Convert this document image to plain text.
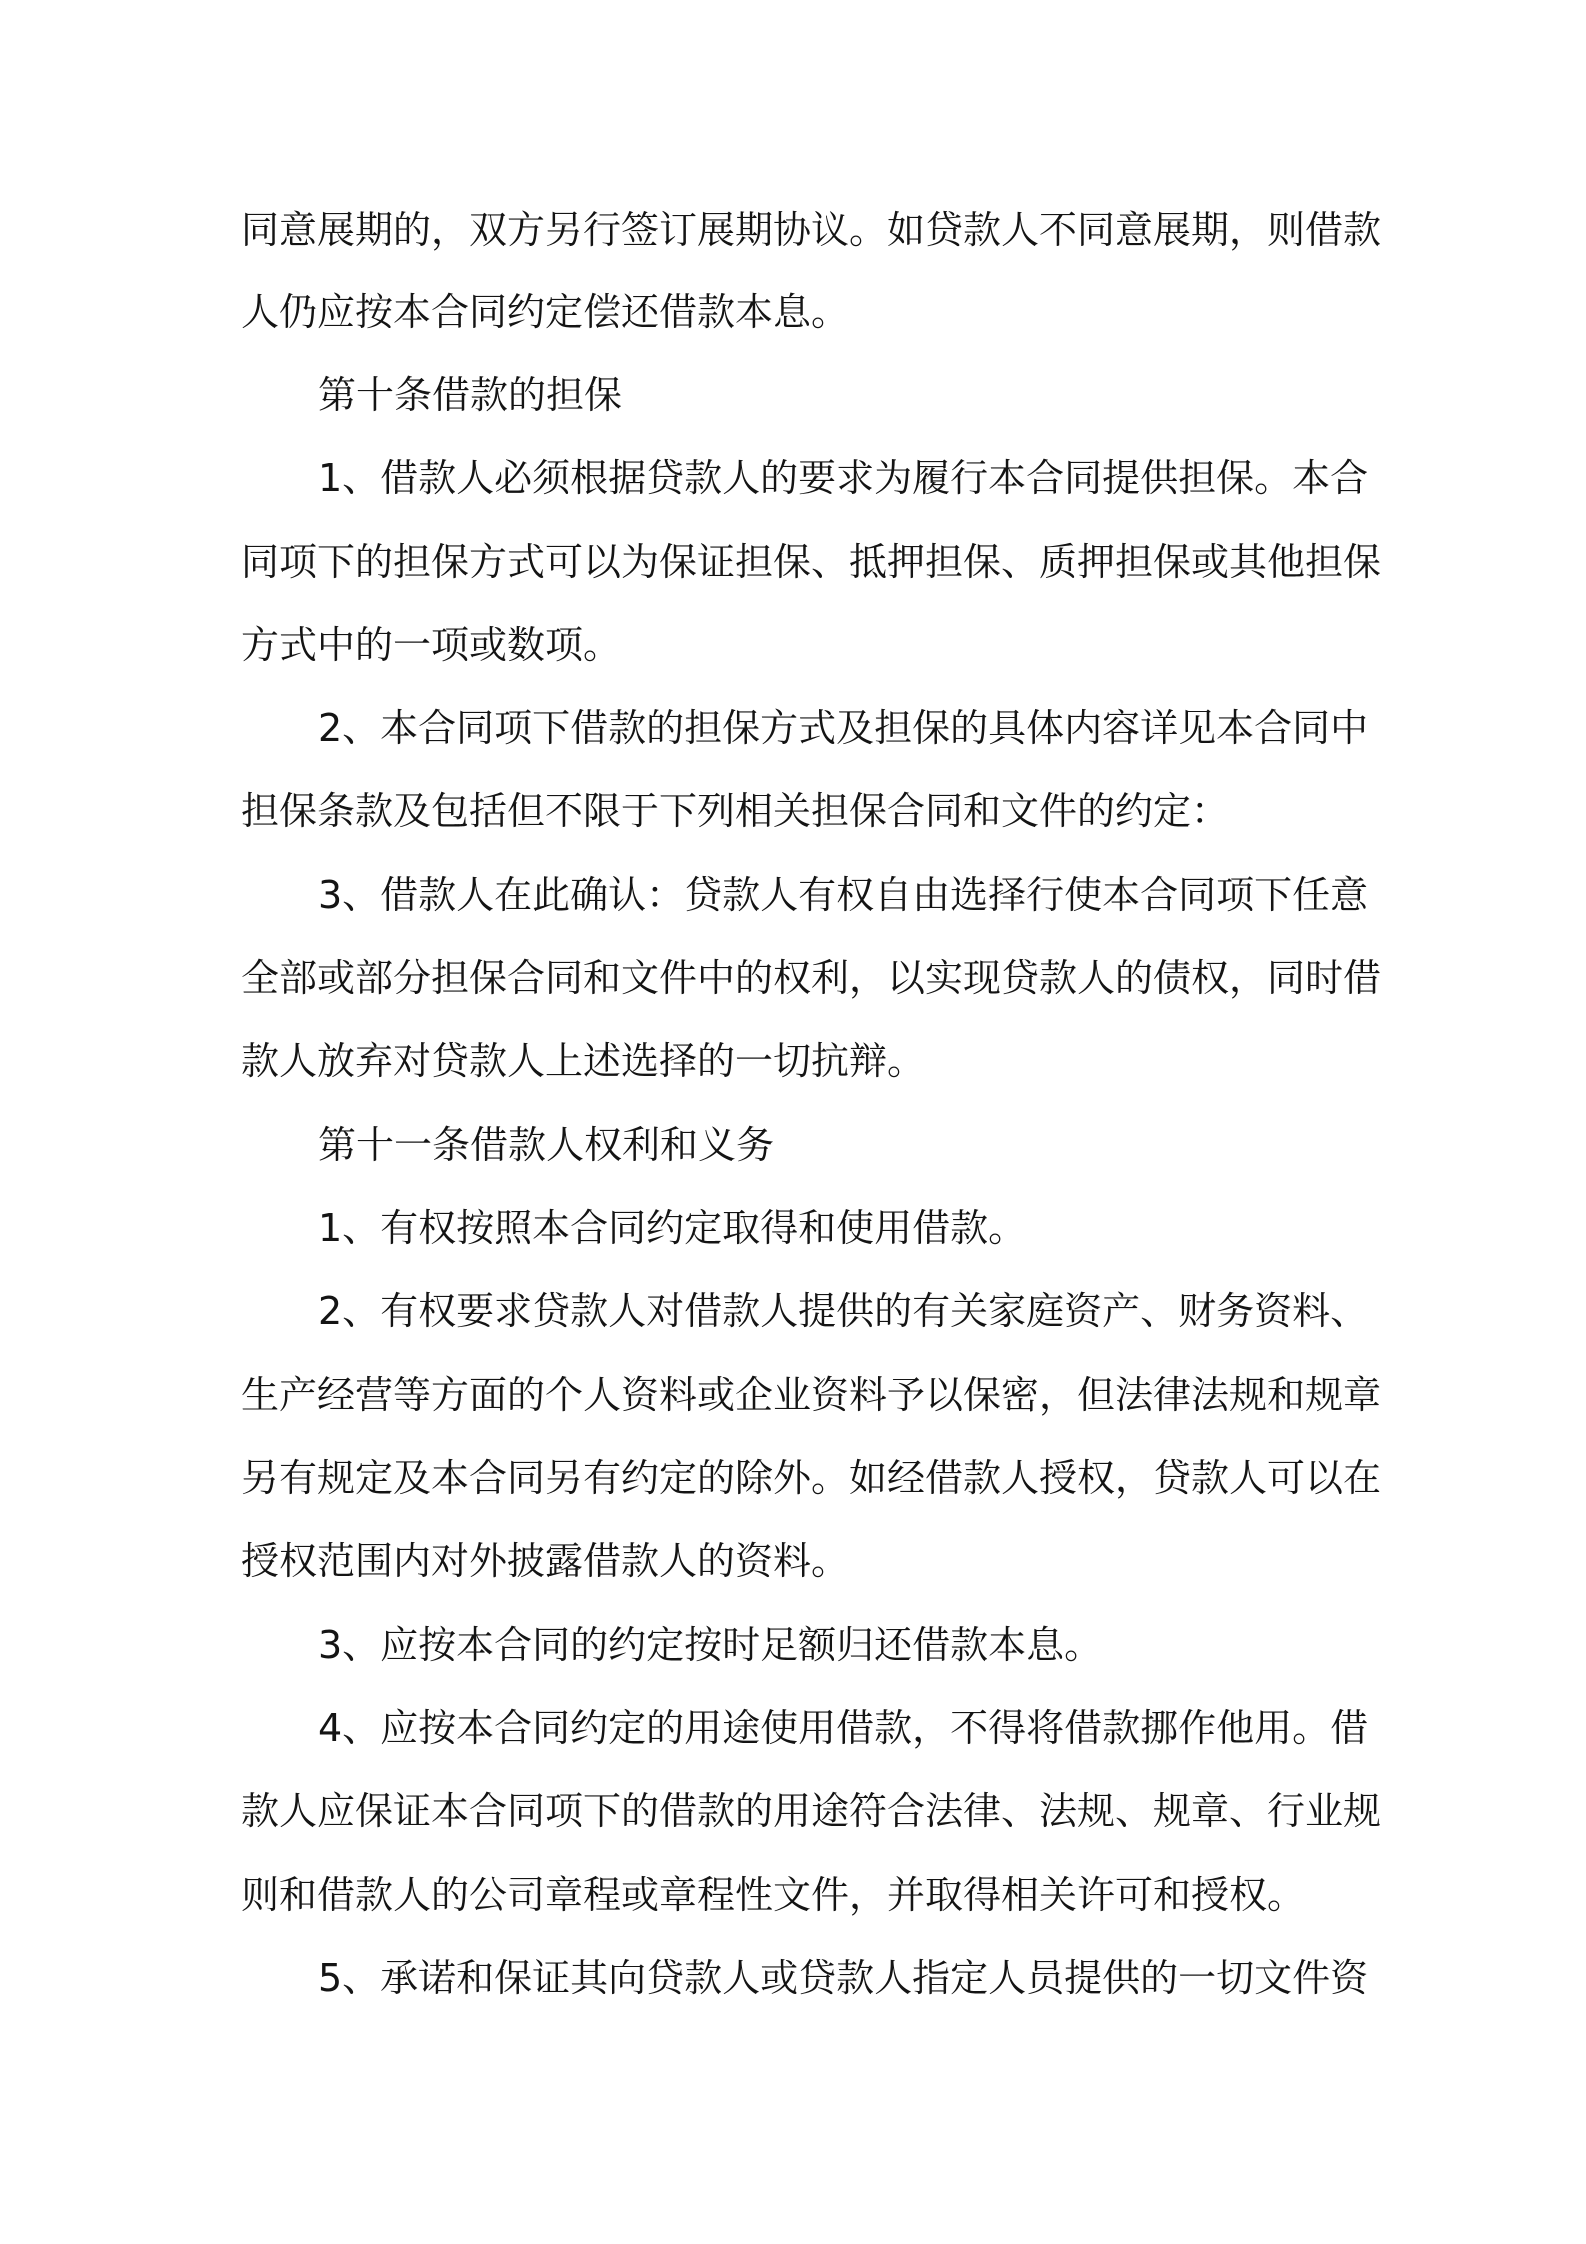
同意展期的，双方另行签订展期协议。如贷款人不同意展期，则借款
人仍应按本合同约定偿还借款本息。
第十条借款的担保
1、借款人必须根据贷款人的要求为履行本合同提供担保。本合
同项下的担保方式可以为保证担保、抵押担保、质押担保或其他担保
方式中的一项或数项。
2、本合同项下借款的担保方式及担保的具体内容详见本合同中
担保条款及包括但不限于下列相关担保合同和文件的约定：
3、借款人在此确认：贷款人有权自由选择行使本合同项下任意
全部或部分担保合同和文件中的权利，以实现贷款人的债权，同时借
款人放弃对贷款人上述选择的一切抗辩。
第十一条借款人权利和义务
1、有权按照本合同约定取得和使用借款。
2、有权要求贷款人对借款人提供的有关家庭资产、财务资料、
生产经营等方面的个人资料或企业资料予以保密，但法律法规和规章
另有规定及本合同另有约定的除外。如经借款人授权，贷款人可以在
授权范围内对外披露借款人的资料。
3、应按本合同的约定按时足额归还借款本息。
4、应按本合同约定的用途使用借款，不得将借款挪作他用。借
款人应保证本合同项下的借款的用途符合法律、法规、规章、行业规
则和借款人的公司章程或章程性文件，并取得相关许可和授权。
5、承诺和保证其向贷款人或贷款人指定人员提供的一切文件资
